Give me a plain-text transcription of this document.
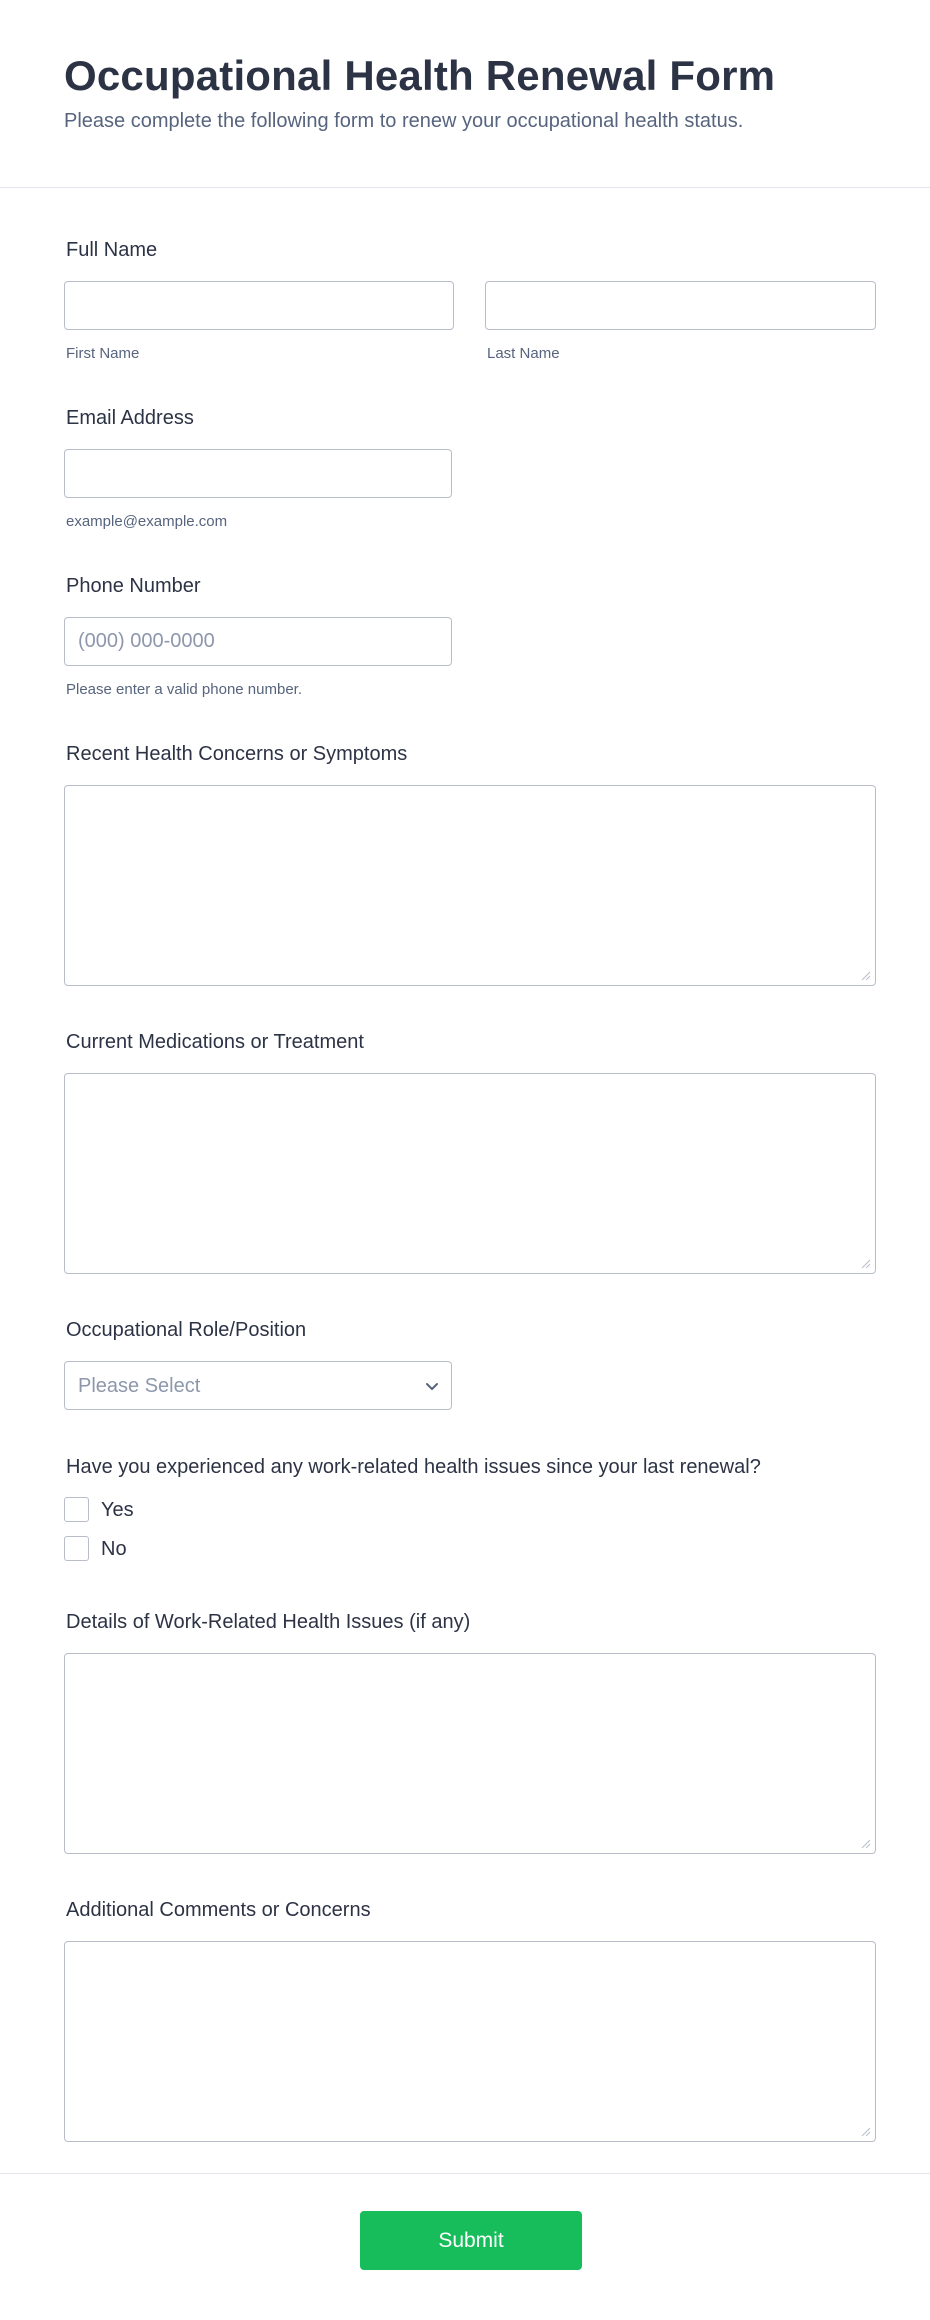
Occupational Health Renewal Form

Please complete the following form to renew your occupational health status.

Full Name
First Name	Last Name
Email Address
example@example.com
Phone Number
(000) 000-0000
Please enter a valid phone number.
Recent Health Concerns or Symptoms
Current Medications or Treatment
Occupational Role/Position
Please Select
Have you experienced any work-related health issues since your last renewal?
Yes
No
Details of Work-Related Health Issues (if any)
Additional Comments or Concerns
Submit
